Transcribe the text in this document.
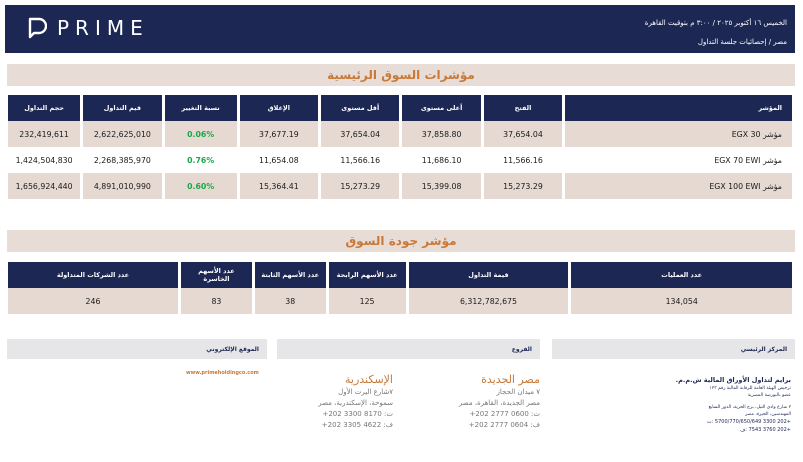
PRIME	الخميس ١٦ أكتوبر ٢٠٢٥ / ٣:٠٠ م بتوقيت القاهرة
مصر / إحصائيات جلسة التداول
مؤشرات السوق الرئيسية
حجم التداول	قيم التداول	نسبة التغيير	الإغلاق	أقل مستوى	أعلى مستوى	الفتح	المؤشر
232,419,611	2,622,625,010	0.06%	37,677.19	37,654.04	37,858.80	37,654.04	مؤشر EGX 30
1,424,504,830	2,268,385,970	0.76%	11,654.08	11,566.16	11,686.10	11,566.16	مؤشر EGX 70 EWI
1,656,924,440	4,891,010,990	0.60%	15,364.41	15,273.29	15,399.08	15,273.29	مؤشر EGX 100 EWI
مؤشر جودة السوق
عدد الشركات المتداولة	عدد الأسهم الخاسرة	عدد الأسهم الثابتة	عدد الأسهم الرابحة	قيمة التداول	عدد العمليات
246	83	38	125	6,312,782,675	134,054
الموقع الإلكتروني	الفروع	المركز الرئيسي
www.primeholdingco.com	الإسكندرية
٧شارع اليرت الأول
سموحة، الإسكندرية، مصر
ت: 8170 3300 202+
ف: 4622 3305 202+
مصر الجديدة
٧ ميدان الحجاز
مصر الجديدة، القاهرة، مصر
ت: 0600 2777 202+
ف: 0604 2777 202+
برايم لتداول الأوراق المالية ش.م.م.
ترخيص الهيئة العامة للرقابة المالية رقم ١٢٣
عضو بالبورصة المصرية
٢ شارع وادي النيل، برج الحرية، الدور السابع
المهندسين، الجيزة، مصر
+202 3300 5700/770/650/649 :ت
+202 3760 7543 :ف
